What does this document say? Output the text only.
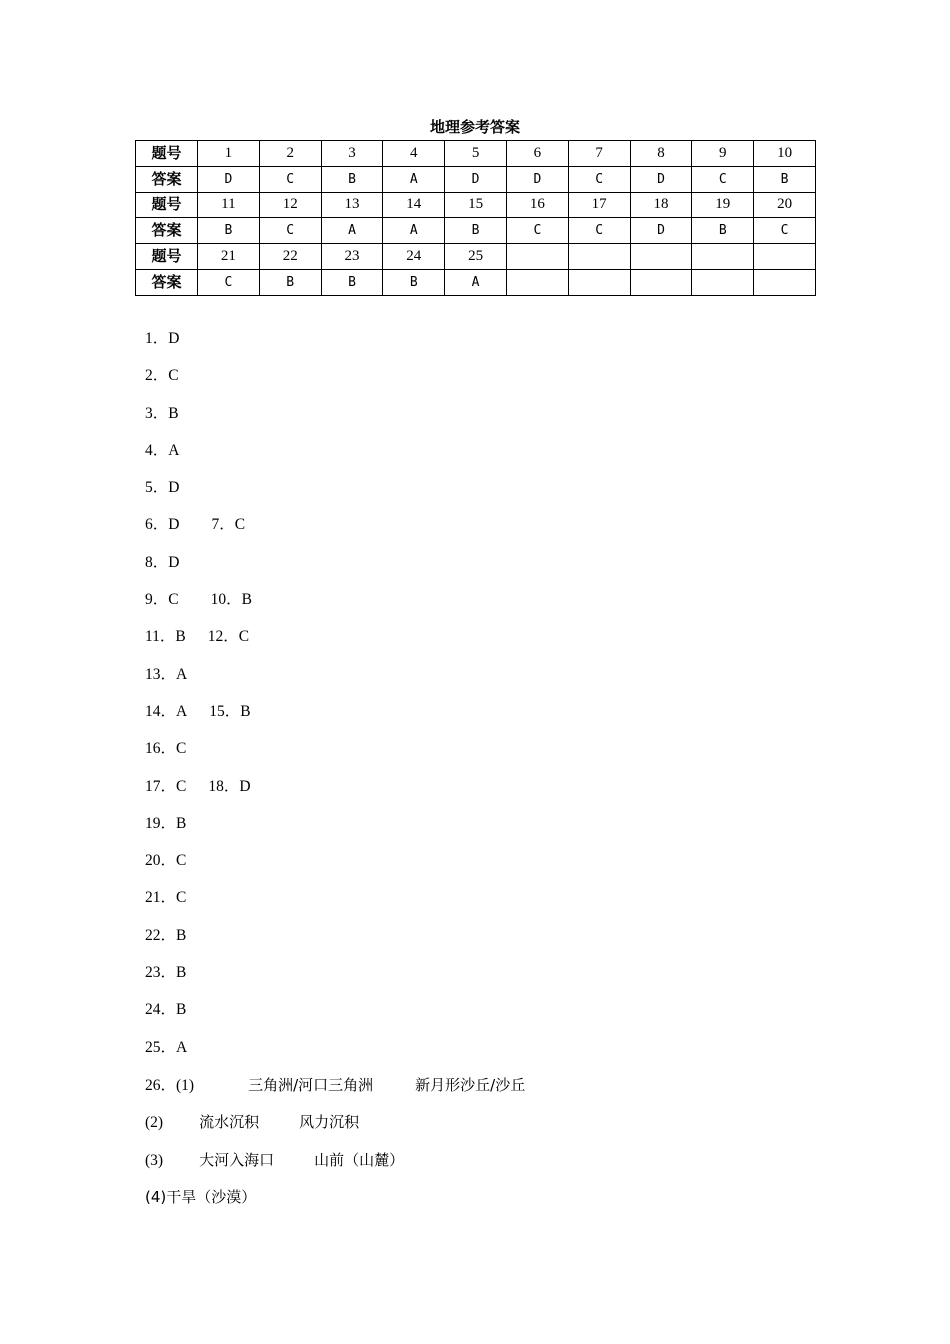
地理参考答案
题号	1	2	3	4	5	6	7	8	9	10
答案	D	C	B	A	D	D	C	D	C	B
题号	11	12	13	14	15	16	17	18	19	20
答案	B	C	A	A	B	C	C	D	B	C
题号	21	22	23	24	25					
答案	C	B	B	B	A					
1．D
2．C
3．B
4．A
5．D
6．D 7．C
8．D
9．C 10．B
11．B 12．C
13．A
14．A 15．B
16．C
17．C 18．D
19．B
20．C
21．C
22．B
23．B
24．B
25．A
26．(1)	三角洲/河口三角洲	新月形沙丘/沙丘
(2) 流水沉积	风力沉积
(3) 大河入海口	山前（山麓）
(4)干旱（沙漠）
